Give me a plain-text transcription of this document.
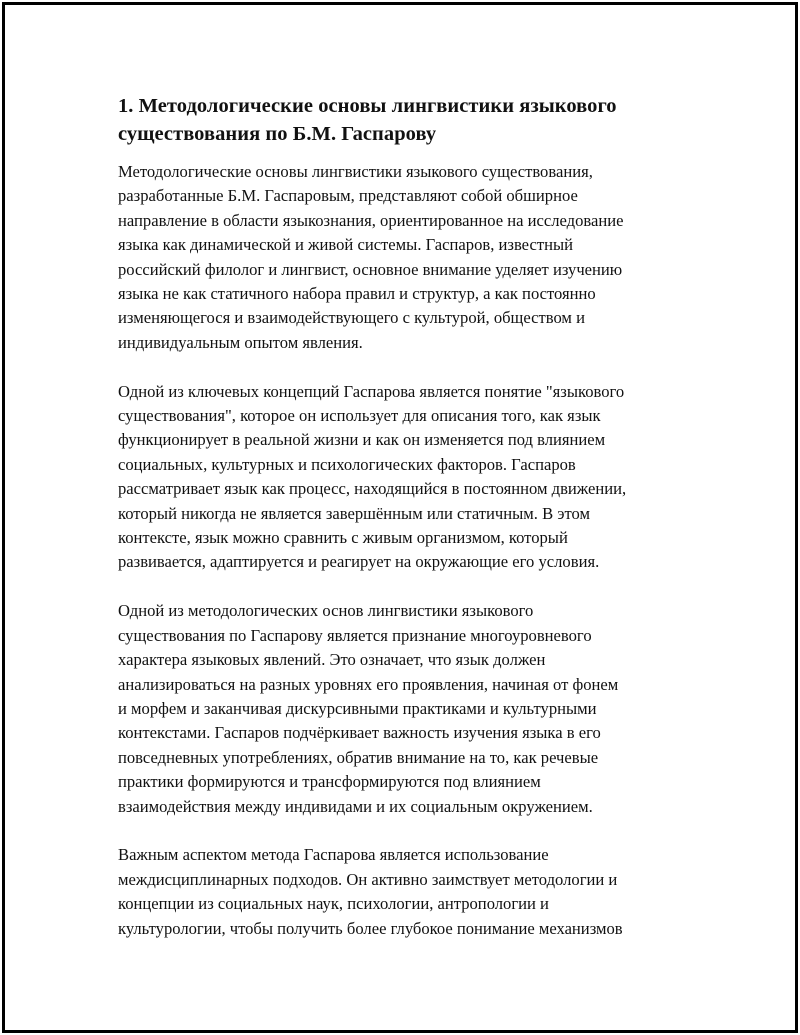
1. Методологические основы лингвистики языкового существования по Б.М. Гаспарову

Методологические основы лингвистики языкового существования,
разработанные Б.М. Гаспаровым, представляют собой обширное
направление в области языкознания, ориентированное на исследование
языка как динамической и живой системы. Гаспаров, известный
российский филолог и лингвист, основное внимание уделяет изучению
языка не как статичного набора правил и структур, а как постоянно
изменяющегося и взаимодействующего с культурой, обществом и
индивидуальным опытом явления.

Одной из ключевых концепций Гаспарова является понятие "языкового
существования", которое он использует для описания того, как язык
функционирует в реальной жизни и как он изменяется под влиянием
социальных, культурных и психологических факторов. Гаспаров
рассматривает язык как процесс, находящийся в постоянном движении,
который никогда не является завершённым или статичным. В этом
контексте, язык можно сравнить с живым организмом, который
развивается, адаптируется и реагирует на окружающие его условия.

Одной из методологических основ лингвистики языкового
существования по Гаспарову является признание многоуровневого
характера языковых явлений. Это означает, что язык должен
анализироваться на разных уровнях его проявления, начиная от фонем
и морфем и заканчивая дискурсивными практиками и культурными
контекстами. Гаспаров подчёркивает важность изучения языка в его
повседневных употреблениях, обратив внимание на то, как речевые
практики формируются и трансформируются под влиянием
взаимодействия между индивидами и их социальным окружением.

Важным аспектом метода Гаспарова является использование
междисциплинарных подходов. Он активно заимствует методологии и
концепции из социальных наук, психологии, антропологии и
культурологии, чтобы получить более глубокое понимание механизмов
